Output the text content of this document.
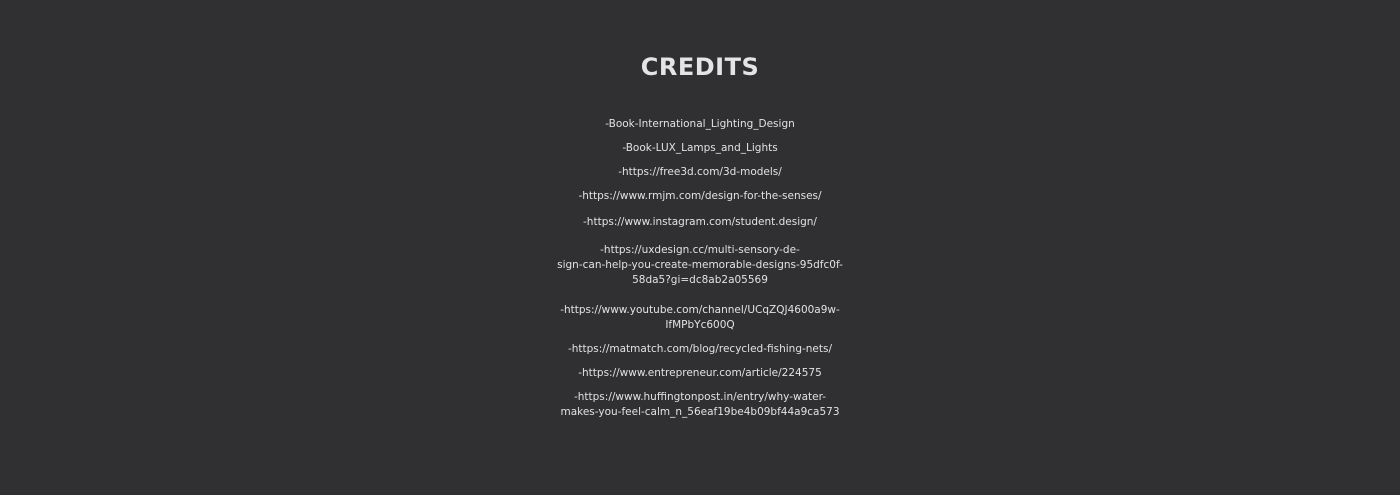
CREDITS
-Book-International_Lighting_Design
-Book-LUX_Lamps_and_Lights
-https://free3d.com/3d-models/
-https://www.rmjm.com/design-for-the-senses/
-https://www.instagram.com/student.design/
-https://uxdesign.cc/multi-sensory-de-
sign-can-help-you-create-memorable-designs-95dfc0f-
58da5?gi=dc8ab2a05569
-https://www.youtube.com/channel/UCqZQJ4600a9w-
IfMPbYc600Q
-https://matmatch.com/blog/recycled-fishing-nets/
-https://www.entrepreneur.com/article/224575
-https://www.huffingtonpost.in/entry/why-water-
makes-you-feel-calm_n_56eaf19be4b09bf44a9ca573
